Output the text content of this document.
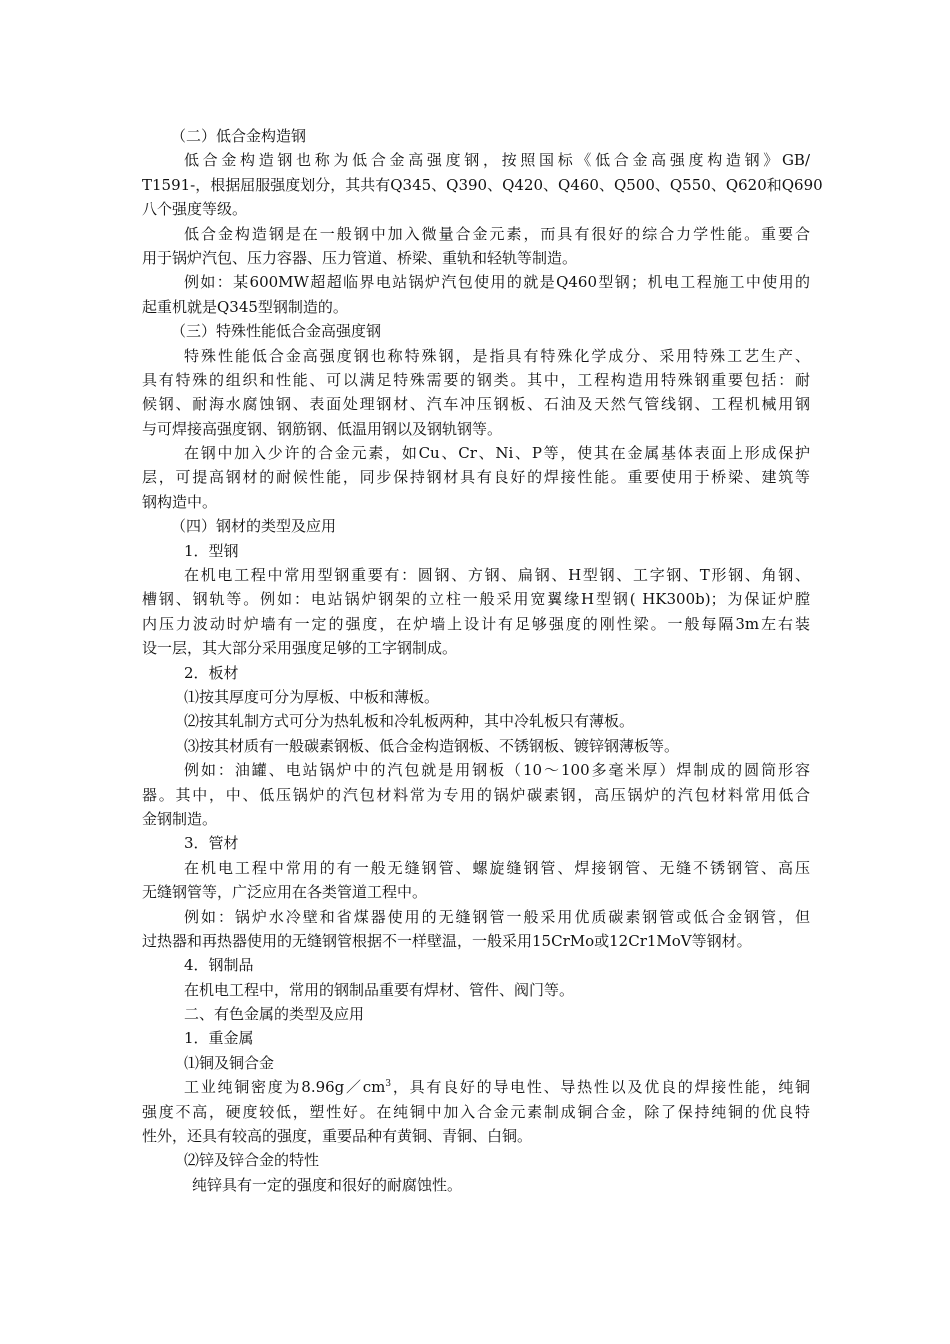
（二）低合金构造钢
低合金构造钢也称为低合金高强度钢，按照国标《低合金高强度构造钢》GB/
T1591-，根据屈服强度划分，其共有Q345、Q390、Q420、Q460、Q500、Q550、Q620和Q690
八个强度等级。
低合金构造钢是在一般钢中加入微量合金元素，而具有很好的综合力学性能。重要合
用于锅炉汽包、压力容器、压力管道、桥梁、重轨和轻轨等制造。
例如：某600MW超超临界电站锅炉汽包使用的就是Q460型钢；机电工程施工中使用的
起重机就是Q345型钢制造的。
（三）特殊性能低合金高强度钢
特殊性能低合金高强度钢也称特殊钢，是指具有特殊化学成分、采用特殊工艺生产、
具有特殊的组织和性能、可以满足特殊需要的钢类。其中，工程构造用特殊钢重要包括：耐
候钢、耐海水腐蚀钢、表面处理钢材、汽车冲压钢板、石油及天然气管线钢、工程机械用钢
与可焊接高强度钢、钢筋钢、低温用钢以及钢轨钢等。
在钢中加入少许的合金元素，如Cu、Cr、Ni、P等，使其在金属基体表面上形成保护
层，可提高钢材的耐候性能，同步保持钢材具有良好的焊接性能。重要使用于桥梁、建筑等
钢构造中。
（四）钢材的类型及应用
1．型钢
在机电工程中常用型钢重要有：圆钢、方钢、扁钢、H型钢、工字钢、T形钢、角钢、
槽钢、钢轨等。例如：电站锅炉钢架的立柱一般采用宽翼缘H型钢( HK300b)；为保证炉膛
内压力波动时炉墙有一定的强度，在炉墙上设计有足够强度的刚性梁。一般每隔3m左右装
设一层，其大部分采用强度足够的工字钢制成。
2．板材
⑴按其厚度可分为厚板、中板和薄板。
⑵按其轧制方式可分为热轧板和冷轧板两种，其中冷轧板只有薄板。
⑶按其材质有一般碳素钢板、低合金构造钢板、不锈钢板、镀锌钢薄板等。
例如：油罐、电站锅炉中的汽包就是用钢板（10～100多毫米厚）焊制成的圆筒形容
器。其中，中、低压锅炉的汽包材料常为专用的锅炉碳素钢，高压锅炉的汽包材料常用低合
金钢制造。
3．管材
在机电工程中常用的有一般无缝钢管、螺旋缝钢管、焊接钢管、无缝不锈钢管、高压
无缝钢管等，广泛应用在各类管道工程中。
例如：锅炉水冷壁和省煤器使用的无缝钢管一般采用优质碳素钢管或低合金钢管，但
过热器和再热器使用的无缝钢管根据不一样壁温，一般采用15CrMo或12Cr1MoV等钢材。
4．钢制品
在机电工程中，常用的钢制品重要有焊材、管件、阀门等。
二、有色金属的类型及应用
1．重金属
⑴铜及铜合金
工业纯铜密度为$8.96g/cm^3$，具有良好的导电性、导热性以及优良的焊接性能，纯铜
强度不高，硬度较低，塑性好。在纯铜中加入合金元素制成铜合金，除了保持纯铜的优良特
性外，还具有较高的强度，重要品种有黄铜、青铜、白铜。
⑵锌及锌合金的特性
纯锌具有一定的强度和很好的耐腐蚀性。
